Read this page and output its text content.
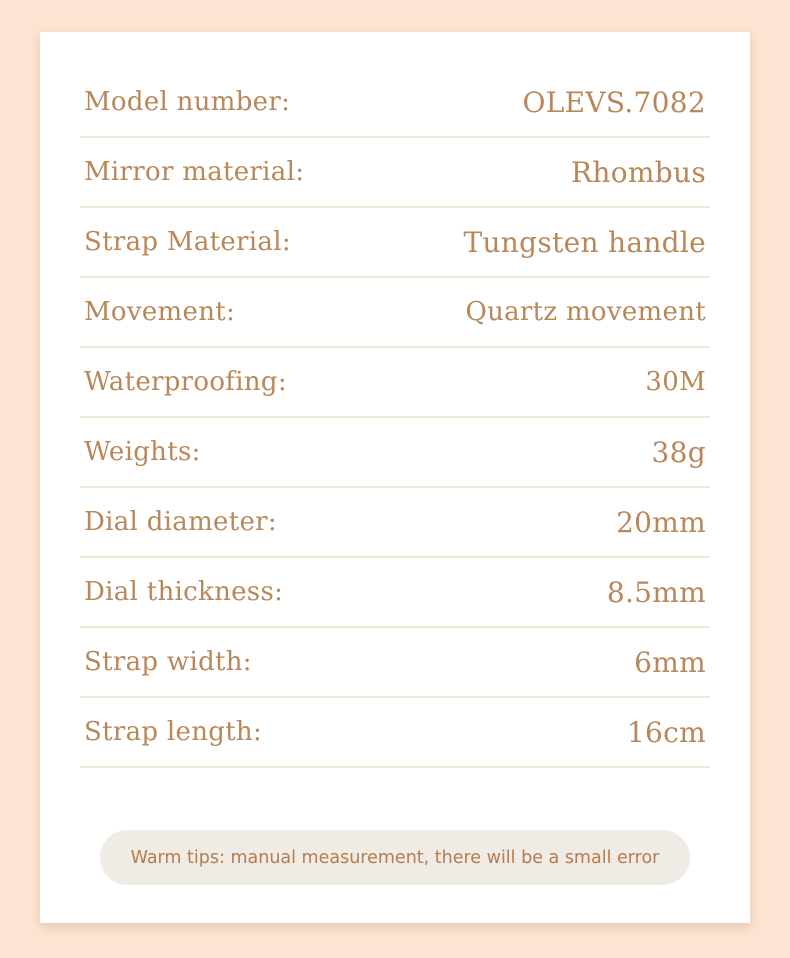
Model number:	OLEVS.7082
Mirror material:	Rhombus
Strap Material:	Tungsten handle
Movement:	Quartz movement
Waterproofing:	30M
Weights:	38g
Dial diameter:	20mm
Dial thickness:	8.5mm
Strap width:	6mm
Strap length:	16cm
Warm tips: manual measurement, there will be a small error
